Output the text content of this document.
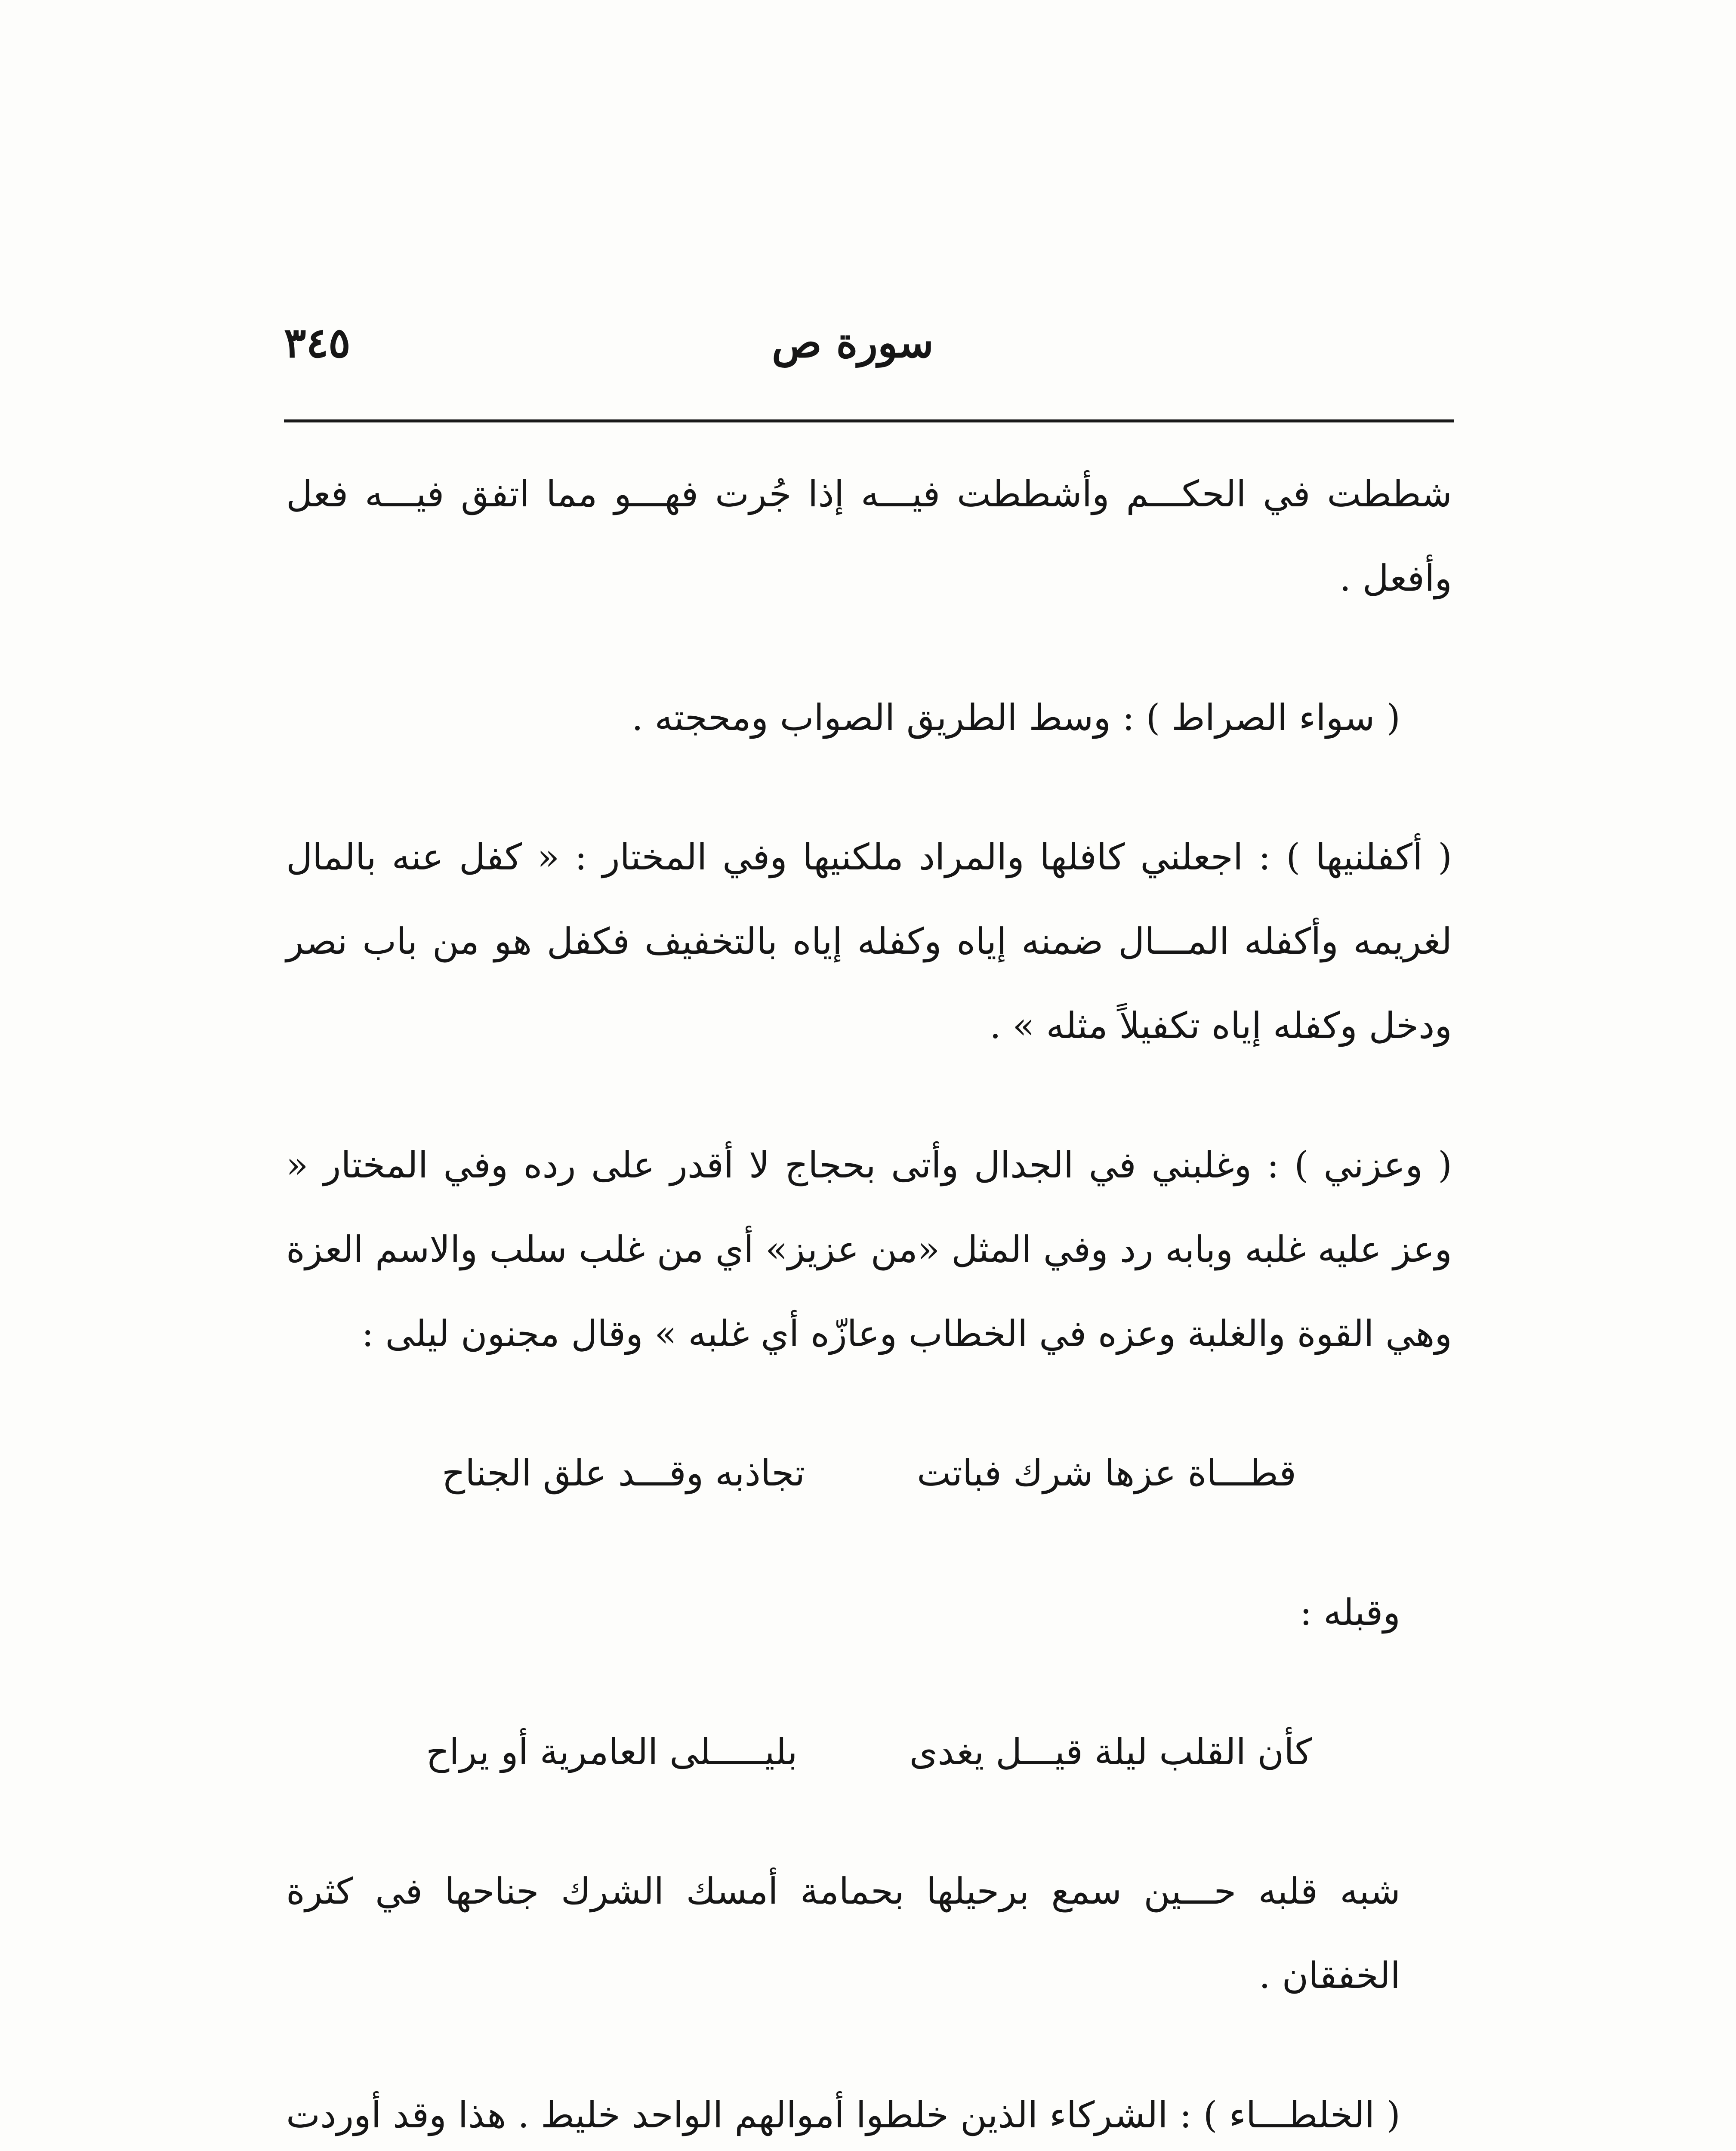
سورة ص
٣٤٥

شططت في الحكـــم وأشططت فيـــه إذا جُرت فهـــو مما اتفق فيـــه فعل وأفعل .

( سواء الصراط ) : وسط الطريق الصواب ومحجته .

( أكفلنيها ) : اجعلني كافلها والمراد ملكنيها وفي المختار : « كفل عنه بالمال لغريمه وأكفله المـــال ضمنه إياه وكفله إياه بالتخفيف فكفل هو من باب نصر ودخل وكفله إياه تكفيلاً مثله » .

( وعزني ) : وغلبني في الجدال وأتى بحجاج لا أقدر على رده وفي المختار « وعز عليه غلبه وبابه رد وفي المثل «من عزيز» أي من غلب سلب والاسم العزة وهي القوة والغلبة وعزه في الخطاب وعازّه أي غلبه » وقال مجنون ليلى :

قطـــاة عزها شرك فباتت
تجاذبه وقـــد علق الجناح

وقبله :

كأن القلب ليلة قيـــل يغدى
بليـــــلى العامرية أو يراح

شبه قلبه حـــين سمع برحيلها بحمامة أمسك الشرك جناحها في كثرة الخفقان .

( الخلطـــاء ) : الشركاء الذين خلطوا أموالهم الواحد خليط . هذا وقد أوردت
